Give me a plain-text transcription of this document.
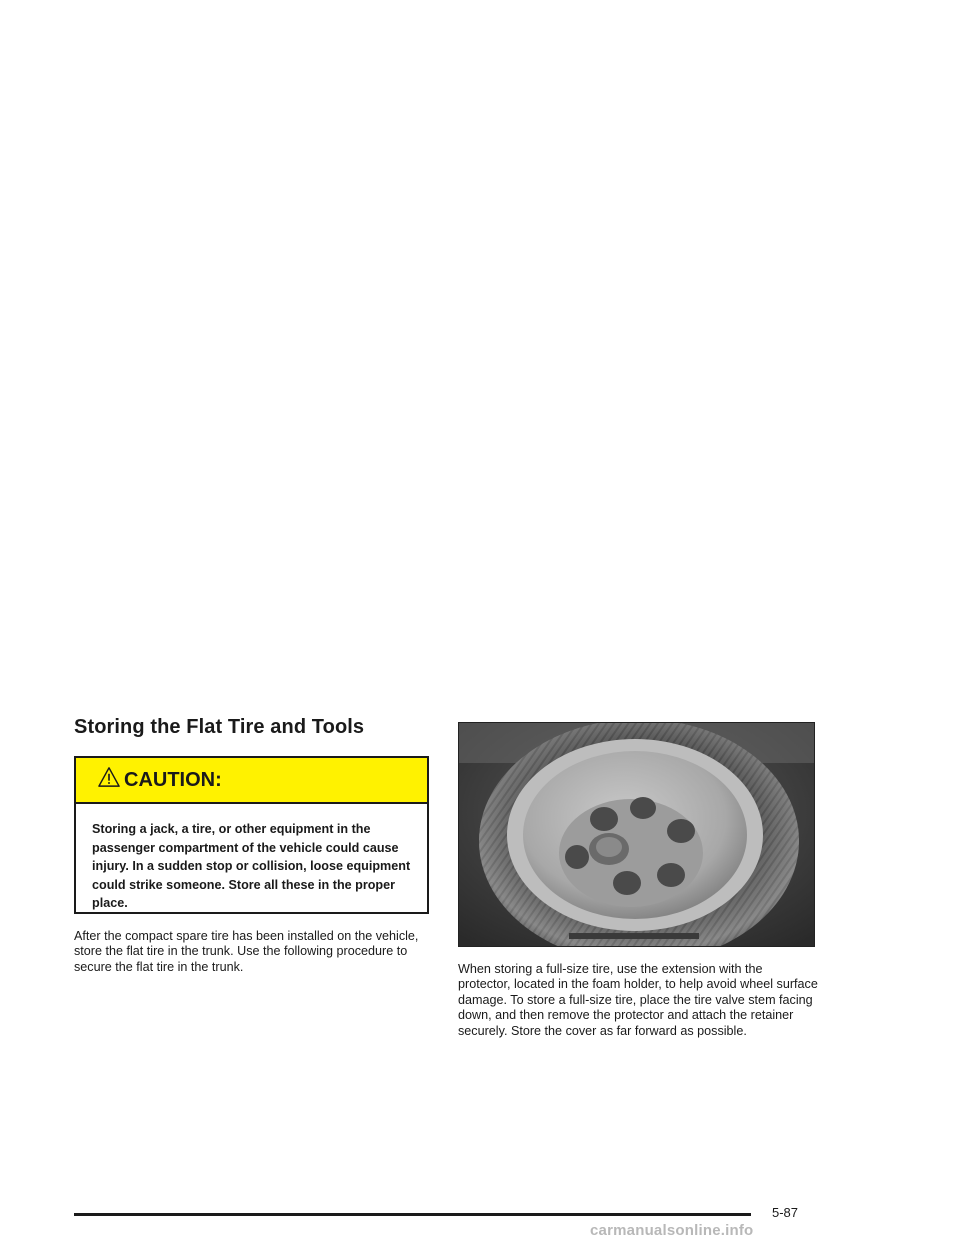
Storing the Flat Tire and Tools
CAUTION:

Storing a jack, a tire, or other equipment in the passenger compartment of the vehicle could cause injury. In a sudden stop or collision, loose equipment could strike someone. Store all these in the proper place.

After the compact spare tire has been installed on the vehicle, store the flat tire in the trunk. Use the following procedure to secure the flat tire in the trunk.	When storing a full-size tire, use the extension with the protector, located in the foam holder, to help avoid wheel surface damage. To store a full-size tire, place the tire valve stem facing down, and then remove the protector and attach the retainer securely. Store the cover as far forward as possible.

5-87
carmanualsonline.info
